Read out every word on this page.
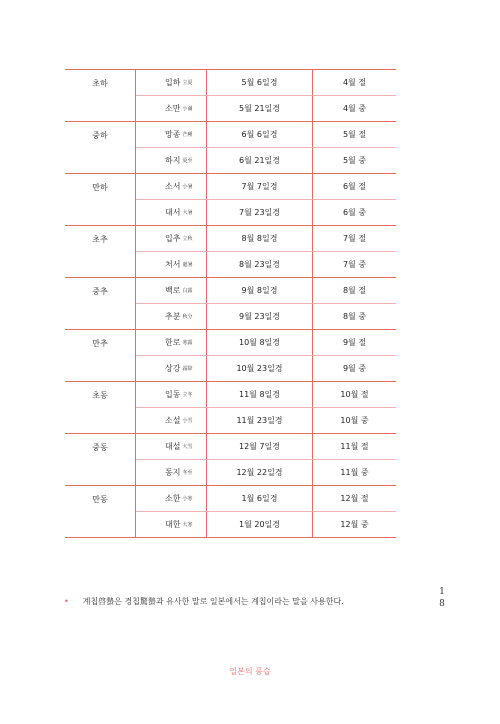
초하	입하 立夏	5월 6일경	4월 절
소만 小滿	5월 21일경	4월 중
중하	망종 芒種	6월 6일경	5월 절
하지 夏至	6월 21일경	5월 중
만하	소서 小暑	7월 7일경	6월 절
대서 大暑	7월 23일경	6월 중
초추	입추 立秋	8월 8일경	7월 절
처서 處暑	8월 23일경	7월 중
중추	백로 白露	9월 8일경	8월 절
추분 秋分	9월 23일경	8월 중
만추	한로 寒露	10월 8일경	9월 절
상강 霜降	10월 23일경	9월 중
초동	입동 立冬	11월 8일경	10월 절
소설 小雪	11월 23일경	10월 중
중동	대설 大雪	12월 7일경	11월 절
동지 冬至	12월 22일경	11월 중
만동	소한 小寒	1월 6일경	12월 절
대한 大寒	1월 20일경	12월 중
• 계칩啓蟄은 경칩驚蟄과 유사한 말로 일본에서는 계칩이라는 말을 사용한다.
18
일본의 풍습
